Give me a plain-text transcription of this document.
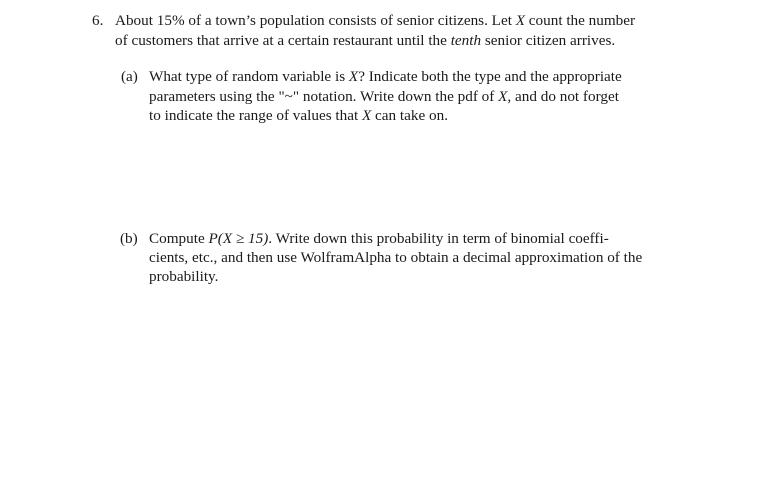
6. About 15% of a town’s population consists of senior citizens. Let X count the number
of customers that arrive at a certain restaurant until the tenth senior citizen arrives.
(a) What type of random variable is X? Indicate both the type and the appropriate
parameters using the "~" notation. Write down the pdf of X, and do not forget
to indicate the range of values that X can take on.
(b) Compute P(X ≥ 15). Write down this probability in term of binomial coeffi-
cients, etc., and then use WolframAlpha to obtain a decimal approximation of the
probability.
